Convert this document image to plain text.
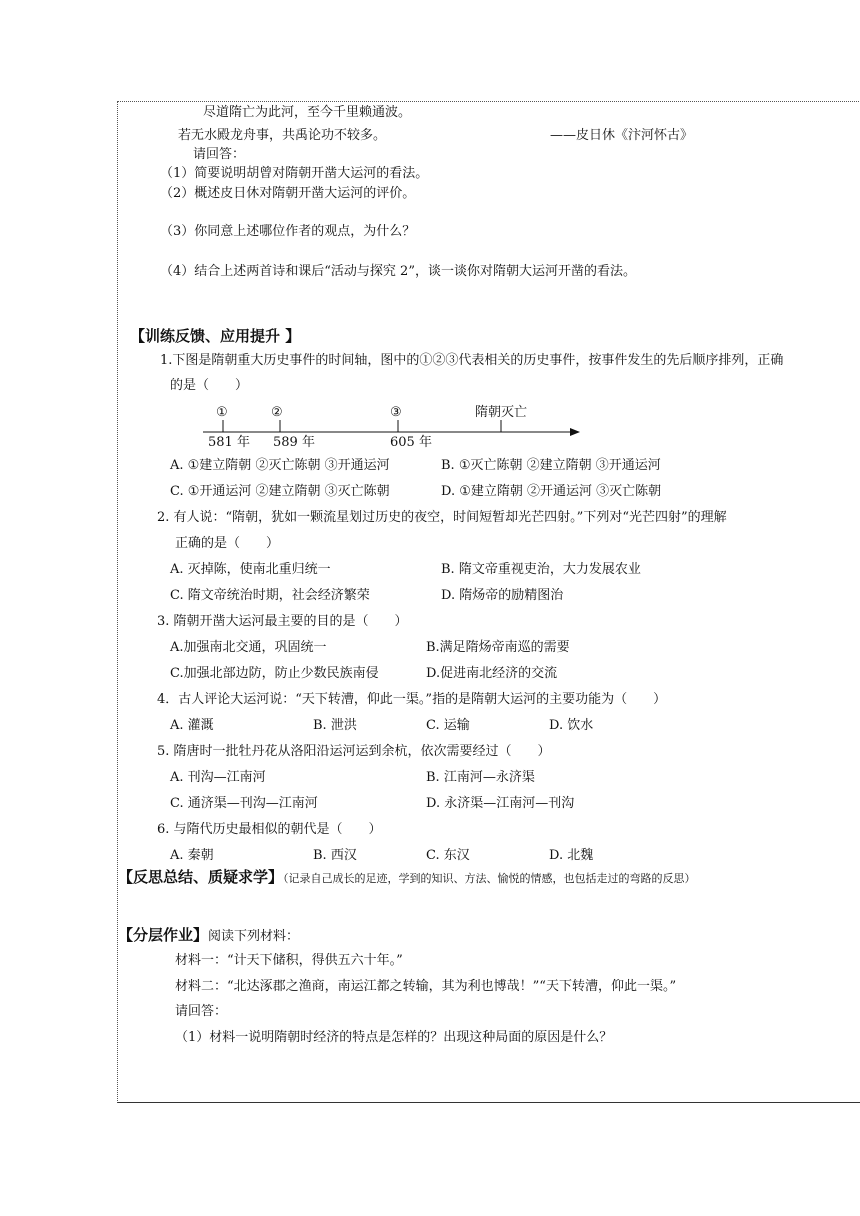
尽道隋亡为此河，至今千里赖通波。
若无水殿龙舟事，共禹论功不较多。	——皮日休《汴河怀古》
请回答：
（1）简要说明胡曾对隋朝开凿大运河的看法。
（2）概述皮日休对隋朝开凿大运河的评价。
（3）你同意上述哪位作者的观点，为什么？
（4）结合上述两首诗和课后“活动与探究 2”，谈一谈你对隋朝大运河开凿的看法。
【训练反馈、应用提升 】
1.下图是隋朝重大历史事件的时间轴，图中的①②③代表相关的历史事件，按事件发生的先后顺序排列，正确
的是（　　）
①	②	③	隋朝灭亡
581 年 589 年	605 年
A. ①建立隋朝 ②灭亡陈朝 ③开通运河	B. ①灭亡陈朝 ②建立隋朝 ③开通运河
C. ①开通运河 ②建立隋朝 ③灭亡陈朝	D. ①建立隋朝 ②开通运河 ③灭亡陈朝
2. 有人说：“隋朝，犹如一颗流星划过历史的夜空，时间短暂却光芒四射。”下列对“光芒四射”的理解
正确的是（　　）
A. 灭掉陈，使南北重归统一	B. 隋文帝重视吏治，大力发展农业
C. 隋文帝统治时期，社会经济繁荣	D. 隋炀帝的励精图治
3. 隋朝开凿大运河最主要的目的是（　　）
A.加强南北交通，巩固统一	B.满足隋炀帝南巡的需要
C.加强北部边防，防止少数民族南侵	D.促进南北经济的交流
4．古人评论大运河说：“天下转漕，仰此一渠。”指的是隋朝大运河的主要功能为（　　）
A. 灌溉	B. 泄洪	C. 运输	D. 饮水
5. 隋唐时一批牡丹花从洛阳沿运河运到余杭，依次需要经过（　　）
A. 刊沟—江南河	B. 江南河—永济渠
C. 通济渠—刊沟—江南河	D. 永济渠—江南河—刊沟
6. 与隋代历史最相似的朝代是（　　）
A. 秦朝	B. 西汉	C. 东汉	D. 北魏
【反思总结、质疑求学】（记录自己成长的足迹，学到的知识、方法、愉悦的情感，也包括走过的弯路的反思）
【分层作业】阅读下列材料：
材料一：“计天下储积，得供五六十年。”
材料二：“北达涿郡之渔商，南运江都之转输，其为利也博哉！”“天下转漕，仰此一渠。”
请回答：
（1）材料一说明隋朝时经济的特点是怎样的？出现这种局面的原因是什么？
